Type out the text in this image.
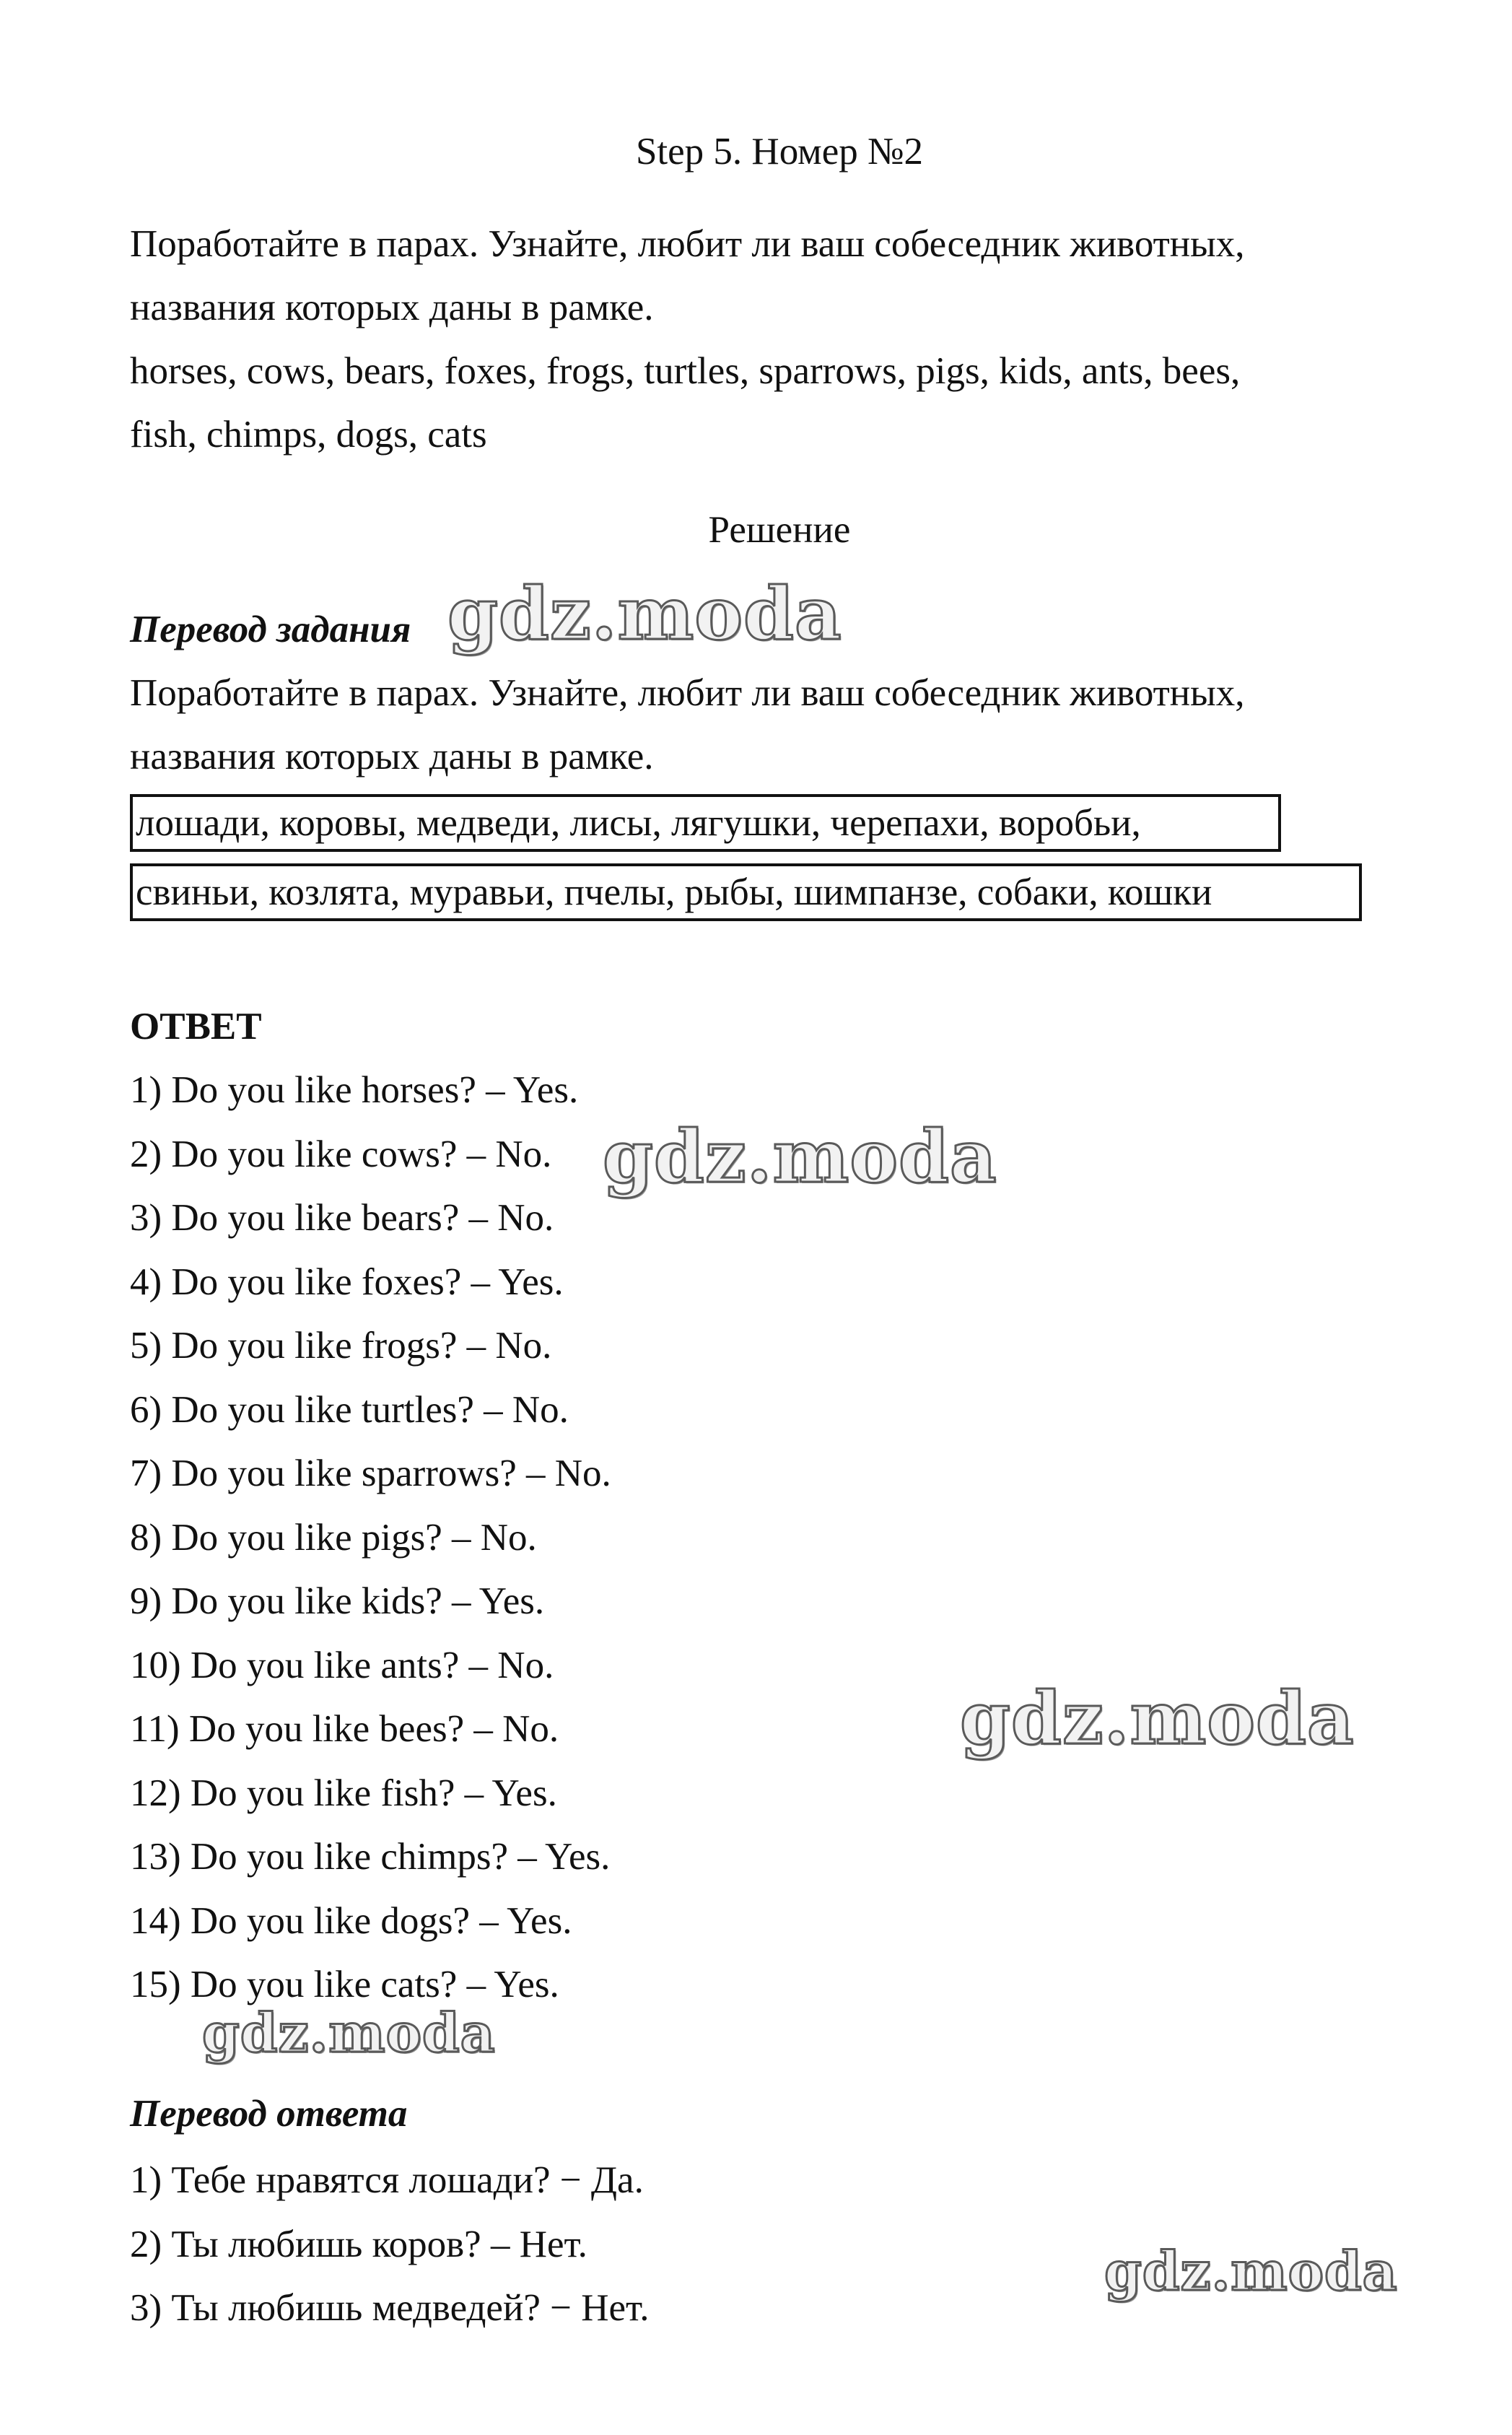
Step 5. Номер №2
Поработайте в парах. Узнайте, любит ли ваш собеседник животных,
названия которых даны в рамке.
horses, cows, bears, foxes, frogs, turtles, sparrows, pigs, kids, ants, bees,
fish, chimps, dogs, cats
Решение
Перевод задания gdz.moda
Поработайте в парах. Узнайте, любит ли ваш собеседник животных,
названия которых даны в рамке.
лошади, коровы, медведи, лисы, лягушки, черепахи, воробьи,
свиньи, козлята, муравьи, пчелы, рыбы, шимпанзе, собаки, кошки
ОТВЕТ
1) Do you like horses? – Yes.
2) Do you like cows? – No.
3) Do you like bears? – No.
4) Do you like foxes? – Yes.
5) Do you like frogs? – No.
6) Do you like turtles? – No.
7) Do you like sparrows? – No.
8) Do you like pigs? – No.
9) Do you like kids? – Yes.
10) Do you like ants? – No.
11) Do you like bees? – No.
12) Do you like fish? – Yes.
13) Do you like chimps? – Yes.
14) Do you like dogs? – Yes.
15) Do you like cats? – Yes.
gdz.moda
gdz.moda
gdz.moda
Перевод ответа
1) Тебе нравятся лошади? − Да.
2) Ты любишь коров? – Нет.
3) Ты любишь медведей? − Нет.
gdz.moda
